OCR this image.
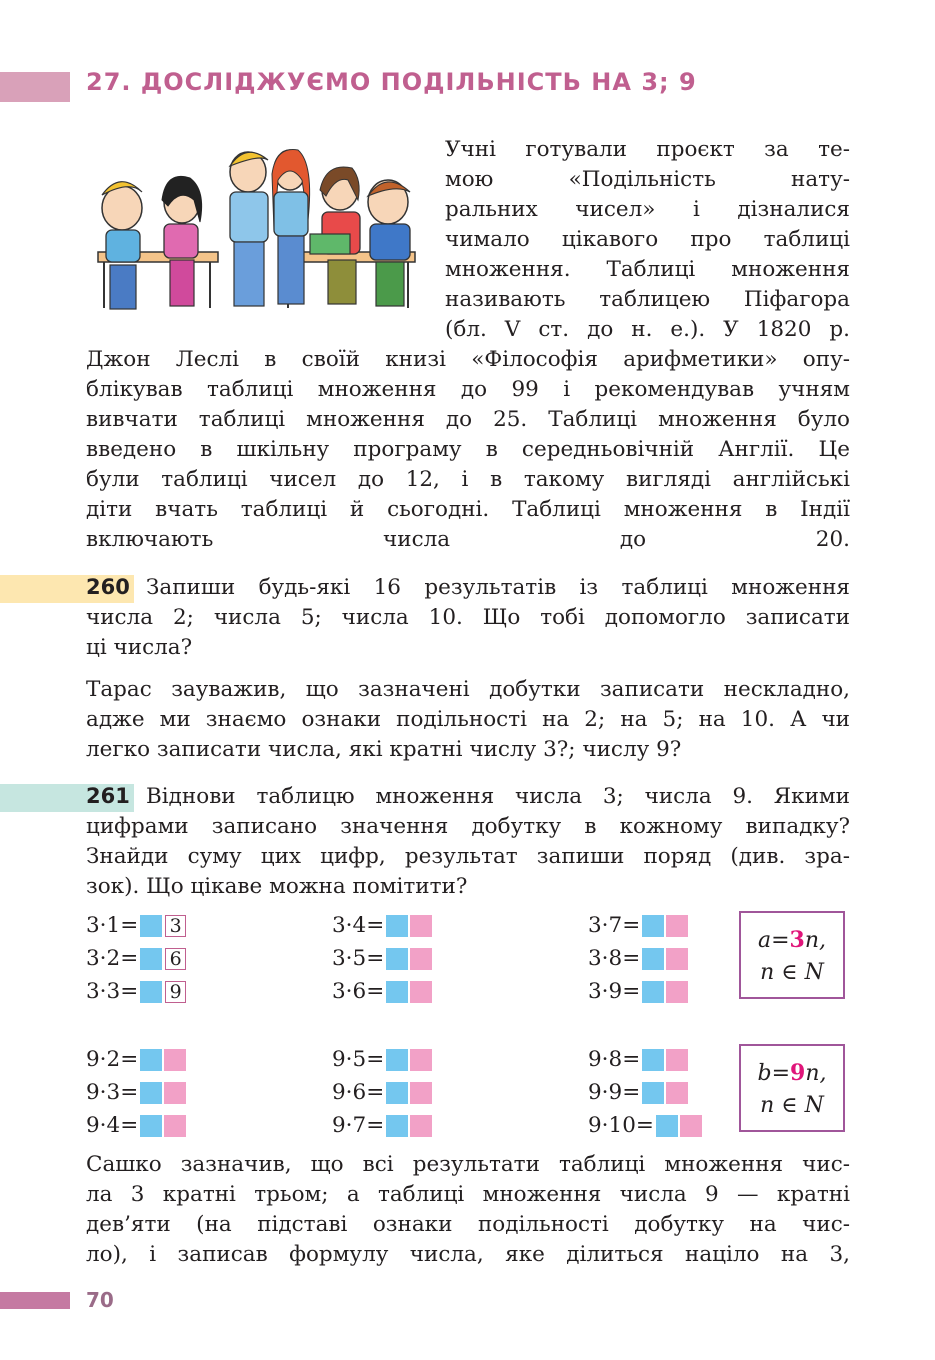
27. ДОСЛІДЖУЄМО ПОДІЛЬНІСТЬ НА 3; 9
Учні готували проєкт за те-
мою «Подільність нату-
ральних чисел» і дізналися
чимало цікавого про таблиці
множення. Таблиці множення
називають таблицею Піфагора
(бл. V ст. до н. е.). У 1820 р.
Джон Леслі в своїй книзі «Філософія арифметики» опу-
блікував таблиці множення до 99 і рекомендував учням
вивчати таблиці множення до 25. Таблиці множення було
введено в шкільну програму в середньовічній Англії. Це
були таблиці чисел до 12, і в такому вигляді англійські
діти вчать таблиці й сьогодні. Таблиці множення в Індії
включають числа до 20.
260 Запиши будь-які 16 результатів із таблиці множення
числа 2; числа 5; числа 10. Що тобі допомогло записати
ці числа?
Тарас зауважив, що зазначені добутки записати нескладно,
адже ми знаємо ознаки подільності на 2; на 5; на 10. А чи
легко записати числа, які кратні числу 3?; числу 9?
261 Віднови таблицю множення числа 3; числа 9. Якими
цифрами записано значення добутку в кожному випадку?
Знайди суму цих цифр, результат запиши поряд (див. зра-
зок). Що цікаве можна помітити?
3·1= 3
3·2= 6
3·3= 9
3·4=
3·5=
3·6=
3·7=
3·8=
3·9=
a=3n,
n ∈ N
9·2=
9·3=
9·4=
9·5=
9·6=
9·7=
9·8=
9·9=
9·10=
b=9n,
n ∈ N
Сашко зазначив, що всі результати таблиці множення чис-
ла 3 кратні трьом; а таблиці множення числа 9 — кратні
дев’яти (на підставі ознаки подільності добутку на чис-
ло), і записав формулу числа, яке ділиться націло на 3,
70
